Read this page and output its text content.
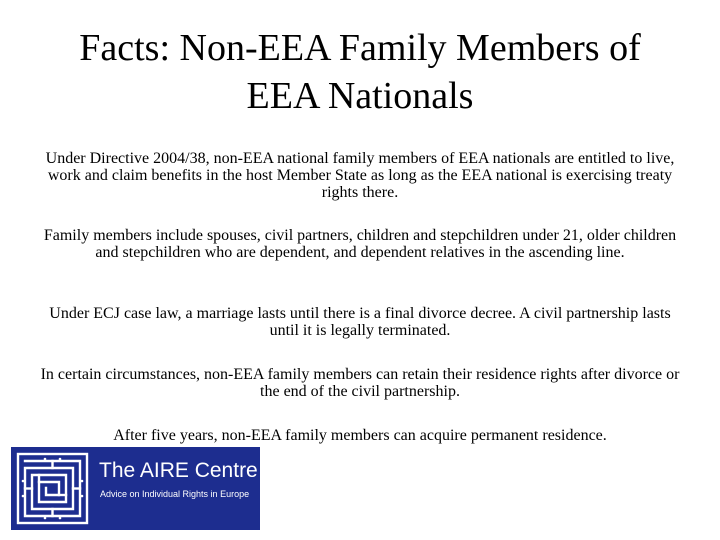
Facts: Non-EEA Family Members of
EEA Nationals

Under Directive 2004/38, non-EEA national family members of EEA nationals are entitled to live, work and claim benefits in the host Member State as long as the EEA national is exercising treaty rights there.

Family members include spouses, civil partners, children and stepchildren under 21, older children and stepchildren who are dependent, and dependent relatives in the ascending line.

Under ECJ case law, a marriage lasts until there is a final divorce decree. A civil partnership lasts until it is legally terminated.

In certain circumstances, non-EEA family members can retain their residence rights after divorce or the end of the civil partnership.

After five years, non-EEA family members can acquire permanent residence.

The AIRE Centre
Advice on Individual Rights in Europe
